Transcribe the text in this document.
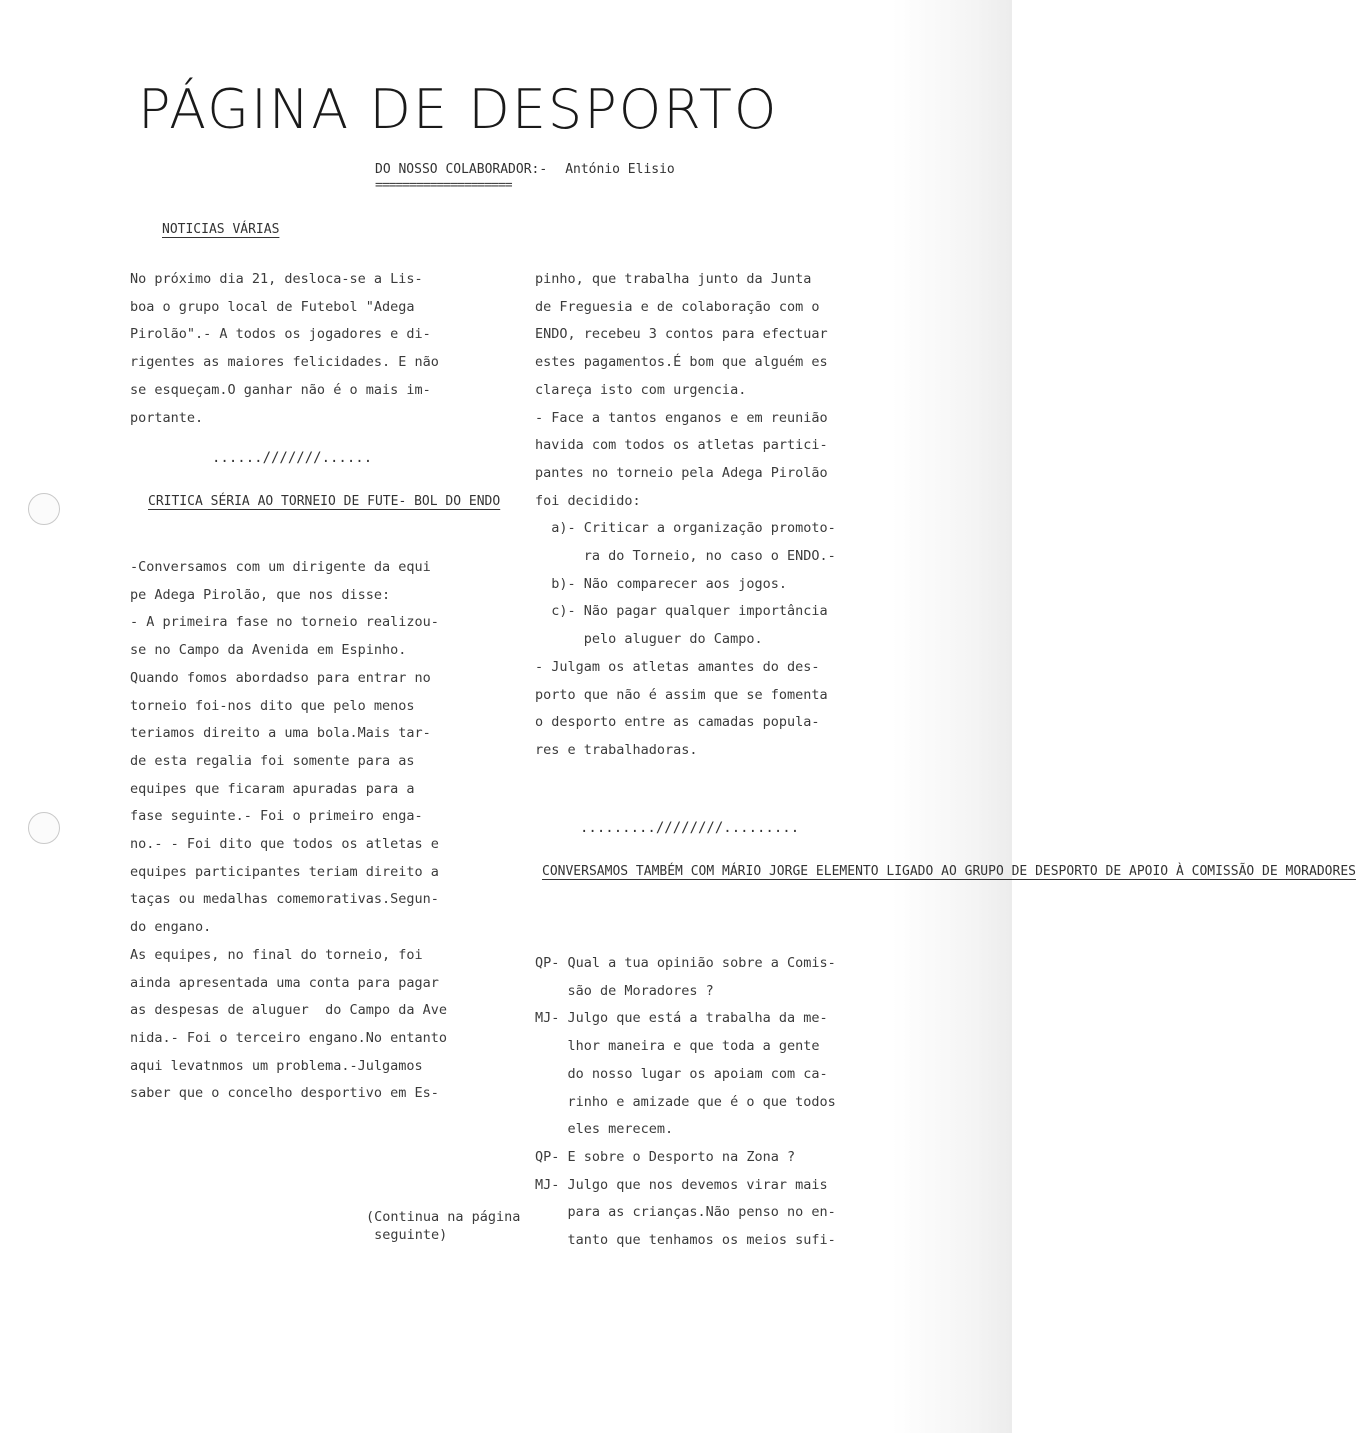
PÁGINA DE DESPORTO
DO NOSSO COLABORADOR:- António Elisio
====================
NOTICIAS VÁRIAS
No próximo dia 21, desloca-se a Lis-
boa o grupo local de Futebol "Adega
Pirolão".- A todos os jogadores e di-
rigentes as maiores felicidades. E não
se esqueçam.O ganhar não é o mais im-
portante.
......///////......
CRITICA SÉRIA AO TORNEIO DE FUTE- BOL DO ENDO
-Conversamos com um dirigente da equi
pe Adega Pirolão, que nos disse:
- A primeira fase no torneio realizou-
se no Campo da Avenida em Espinho.
Quando fomos abordadso para entrar no
torneio foi-nos dito que pelo menos
teriamos direito a uma bola.Mais tar-
de esta regalia foi somente para as
equipes que ficaram apuradas para a
fase seguinte.- Foi o primeiro enga-
no.- - Foi dito que todos os atletas e
equipes participantes teriam direito a
taças ou medalhas comemorativas.Segun-
do engano.
As equipes, no final do torneio, foi
ainda apresentada uma conta para pagar
as despesas de aluguer  do Campo da Ave
nida.- Foi o terceiro engano.No entanto
aqui levatnmos um problema.-Julgamos
saber que o concelho desportivo em Es-
pinho, que trabalha junto da Junta
de Freguesia e de colaboração com o
ENDO, recebeu 3 contos para efectuar
estes pagamentos.É bom que alguém es
clareça isto com urgencia.
- Face a tantos enganos e em reunião
havida com todos os atletas partici-
pantes no torneio pela Adega Pirolão
foi decidido:
a)- Criticar a organização promoto-
ra do Torneio, no caso o ENDO.-
b)- Não comparecer aos jogos.
c)- Não pagar qualquer importância
pelo aluguer do Campo.
- Julgam os atletas amantes do des-
porto que não é assim que se fomenta
o desporto entre as camadas popula-
res e trabalhadoras.
.........////////.........
CONVERSAMOS TAMBÉM COM MÁRIO JORGE ELEMENTO LIGADO AO GRUPO DE DESPORTO DE APOIO À COMISSÃO DE MORADORES
QP- Qual a tua opinião sobre a Comis-
são de Moradores ?
MJ- Julgo que está a trabalha da me-
lhor maneira e que toda a gente
do nosso lugar os apoiam com ca-
rinho e amizade que é o que todos
eles merecem.
QP- E sobre o Desporto na Zona ?
MJ- Julgo que nos devemos virar mais
para as crianças.Não penso no en-
tanto que tenhamos os meios sufi-
(Continua na página
seguinte)
